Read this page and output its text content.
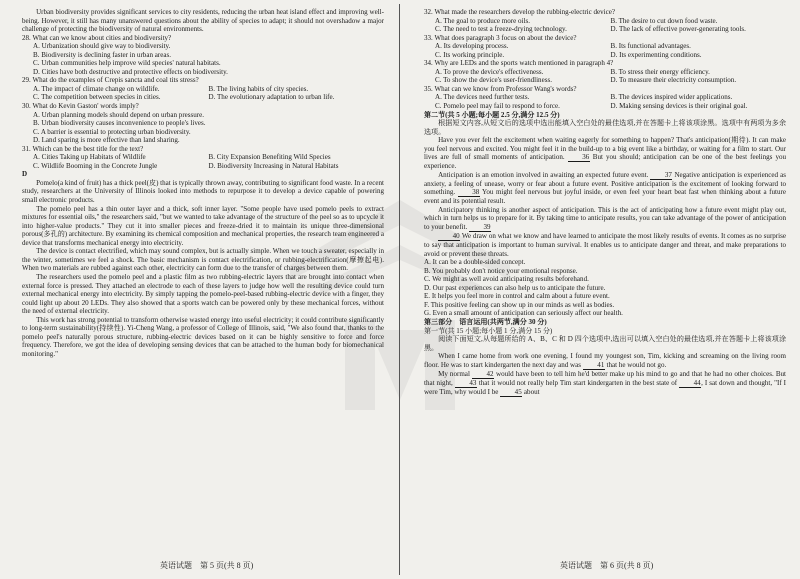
Urban biodiversity provides significant services to city residents, reducing the urban heat island effect and improving well-being. However, it still has many unanswered questions about the ability of species to adapt; it should not overshadow a major challenge of protecting the biodiversity of natural environments.

28. What can we know about cities and biodiversity?

A. Urbanization should give way to biodiversity.

B. Biodiversity is declining faster in urban areas.

C. Urban communities help improve wild species' natural habitats.

D. Cities have both destructive and protective effects on biodiversity.

29. What do the examples of Crepis sancta and coal tits stress?

A. The impact of climate change on wildlife.	B. The living habits of city species.
C. The competition between species in cities.	D. The evolutionary adaptation to urban life.

30. What do Kevin Gaston' words imply?

A. Urban planning models should depend on urban pressure.

B. Urban biodiversity causes inconvenience to people's lives.

C. A barrier is essential to protecting urban biodiversity.

D. Land sparing is more effective than land sharing.

31. Which can be the best title for the text?

A. Cities Taking up Habitats of Wildlife	B. City Expansion Benefiting Wild Species
C. Wildlife Booming in the Concrete Jungle	D. Biodiversity Increasing in Natural Habitats

D

Pomelo(a kind of fruit) has a thick peel(皮) that is typically thrown away, contributing to significant food waste. In a recent study, researchers at the University of Illinois looked into methods to repurpose it to develop a device capable of powering small electronic products.

The pomelo peel has a thin outer layer and a thick, soft inner layer. "Some people have used pomelo peels to extract mixtures for essential oils," the researchers said, "but we wanted to take advantage of the structure of the peel so as to upcycle it into higher-value products." They cut it into smaller pieces and freeze-dried it to maintain its unique three-dimensional porous(多孔的) architecture. By examining its chemical composition and mechanical properties, the research team engineered a device that transforms mechanical energy into electricity.

The device is contact electrified, which may sound complex, but is actually simple. When we touch a sweater, especially in the winter, sometimes we feel a shock. The basic mechanism is contact electrification, or rubbing-electrification(摩擦起电). When two materials are rubbed against each other, electricity can form due to the transfer of charges between them.

The researchers used the pomelo peel and a plastic film as two rubbing-electric layers that are brought into contact when external force is pressed. They attached an electrode to each of these layers to judge how well the resulting device could turn external mechanical energy into electricity. By simply tapping the pomelo-peel-based rubbing-electric device with a finger, they could light up about 20 LEDs. They also showed that a sports watch can be powered only by these mechanical forces, without the need of external electricity.

This work has strong potential to transform otherwise wasted energy into useful electricity; it could contribute significantly to long-term sustainability(持续性). Yi-Cheng Wang, a professor of College of Illinois, said, "We also found that, thanks to the pomelo peel's naturally porous structure, rubbing-electric devices based on it can be highly sensitive to force and force frequency. Therefore, we got the idea of developing sensing devices that can be attached to the human body for biomechanical monitoring."

32. What made the researchers develop the rubbing-electric device?

A. The goal to produce more oils.	B. The desire to cut down food waste.
C. The need to test a freeze-drying technology.	D. The lack of effective power-generating tools.

33. What does paragraph 3 focus on about the device?

A. Its developing process.	B. Its functional advantages.
C. Its working principle.	D. Its experimenting conditions.

34. Why are LEDs and the sports watch mentioned in paragraph 4?

A. To prove the device's effectiveness.	B. To stress their energy efficiency.
C. To show the device's user-friendliness.	D. To measure their electricity consumption.

35. What can we know from Professor Wang's words?

A. The devices need further tests.	B. The devices inspired wider applications.
C. Pomelo peel may fail to respond to force.	D. Making sensing devices is their original goal.

第二节(共 5 小题;每小题 2.5 分,满分 12.5 分)

根据短文内容,从短文后的选项中选出能填入空白处的最佳选项,并在答题卡上将该项涂黑。选项中有两项为多余选项。

Have you ever felt the excitement when waiting eagerly for something to happen? That's anticipation(期待). It can make you feel nervous and excited. You might feel it in the build-up to a big event like a birthday, or waiting for a film to start. Our lives are full of small moments of anticipation. 36 But you should; anticipation can be one of the best feelings you experience.

Anticipation is an emotion involved in awaiting an expected future event. 37 Negative anticipation is experienced as anxiety, a feeling of unease, worry or fear about a future event. Positive anticipation is the excitement of looking forward to something. 38 You might feel nervous but joyful inside, or even feel your heart beat fast when thinking about a future event and its potential result.

Anticipatory thinking is another aspect of anticipation. This is the act of anticipating how a future event might play out, which in turn helps us to prepare for it. By taking time to anticipate results, you can take advantage of the power of anticipation to your benefit. 39

40 We draw on what we know and have learned to anticipate the most likely results of events. It comes as no surprise to say that anticipation is important to human survival. It enables us to anticipate danger and threat, and make preparations to avoid or prevent these threats.

A. It can be a double-sided concept.

B. You probably don't notice your emotional response.

C. We might as well avoid anticipating results beforehand.

D. Our past experiences can also help us to anticipate the future.

E. It helps you feel more in control and calm about a future event.

F. This positive feeling can show up in our minds as well as bodies.

G. Even a small amount of anticipation can seriously affect our health.

第三部分　语言运用(共两节,满分 30 分)

第一节(共 15 小题;每小题 1 分,满分 15 分)

阅读下面短文,从每题所给的 A、B、C 和 D 四个选项中,选出可以填入空白处的最佳选项,并在答题卡上将该项涂黑。

When I came home from work one evening, I found my youngest son, Tim, kicking and screaming on the living room floor. He was to start kindergarten the next day and was 41 that he would not go.

My normal 42 would have been to tell him he'd better make up his mind to go and that he had no other choices. But that night, 43 that it would not really help Tim start kindergarten in the best state of 44, I sat down and thought, "If I were Tim, why would I be 45 about

英语试题　第 5 页(共 8 页)	英语试题　第 6 页(共 8 页)
